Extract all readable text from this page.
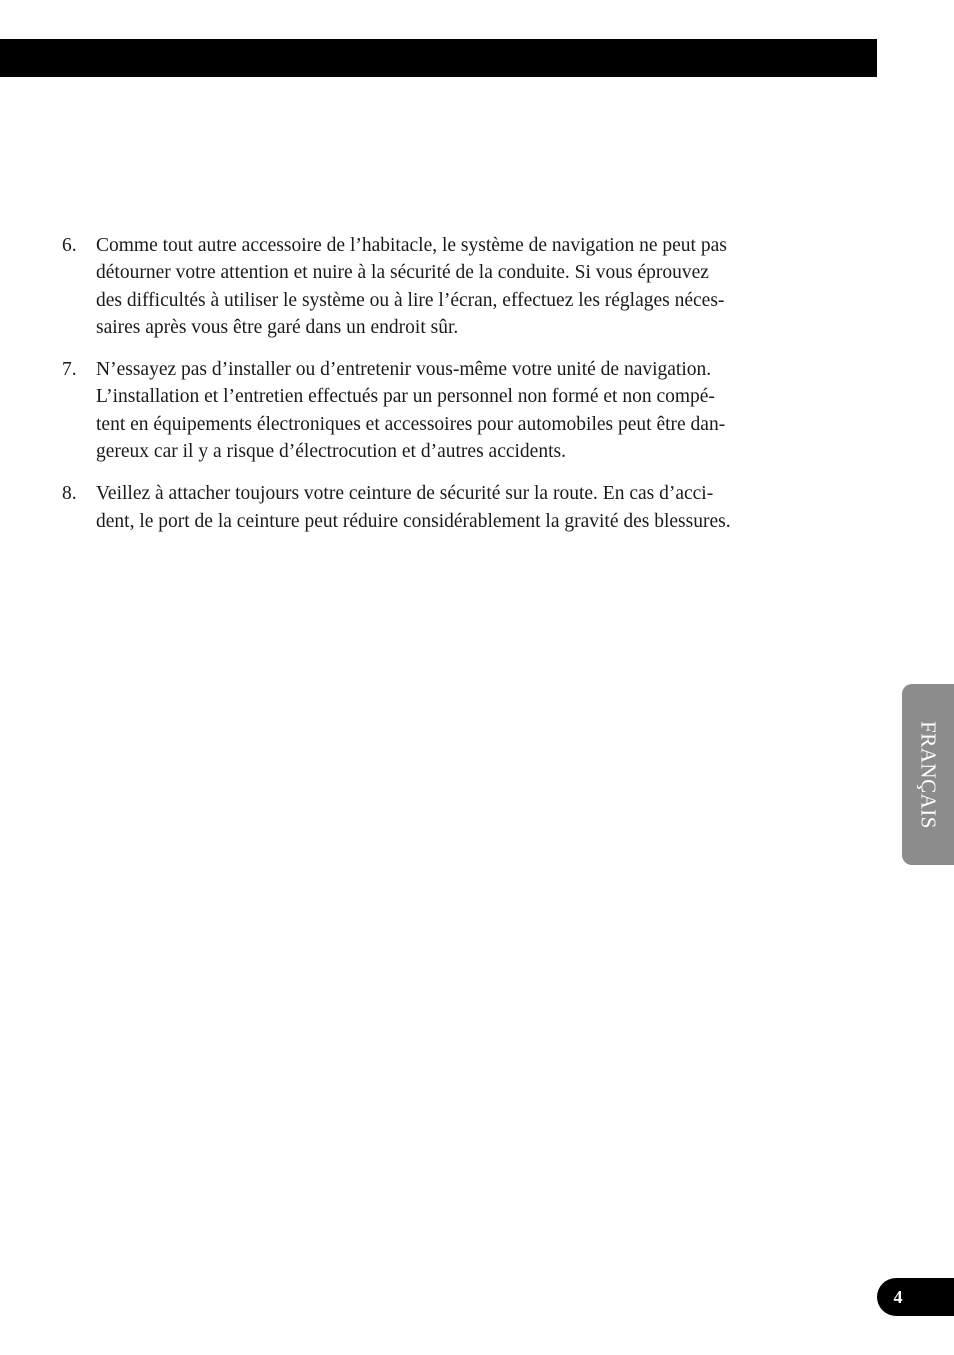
6. Comme tout autre accessoire de l’habitacle, le système de navigation ne peut pas
détourner votre attention et nuire à la sécurité de la conduite. Si vous éprouvez
des difficultés à utiliser le système ou à lire l’écran, effectuez les réglages néces-
saires après vous être garé dans un endroit sûr.
7. N’essayez pas d’installer ou d’entretenir vous-même votre unité de navigation.
L’installation et l’entretien effectués par un personnel non formé et non compé-
tent en équipements électroniques et accessoires pour automobiles peut être dan-
gereux car il y a risque d’électrocution et d’autres accidents.
8. Veillez à attacher toujours votre ceinture de sécurité sur la route. En cas d’acci-
dent, le port de la ceinture peut réduire considérablement la gravité des blessures.
FRANÇAIS
4
